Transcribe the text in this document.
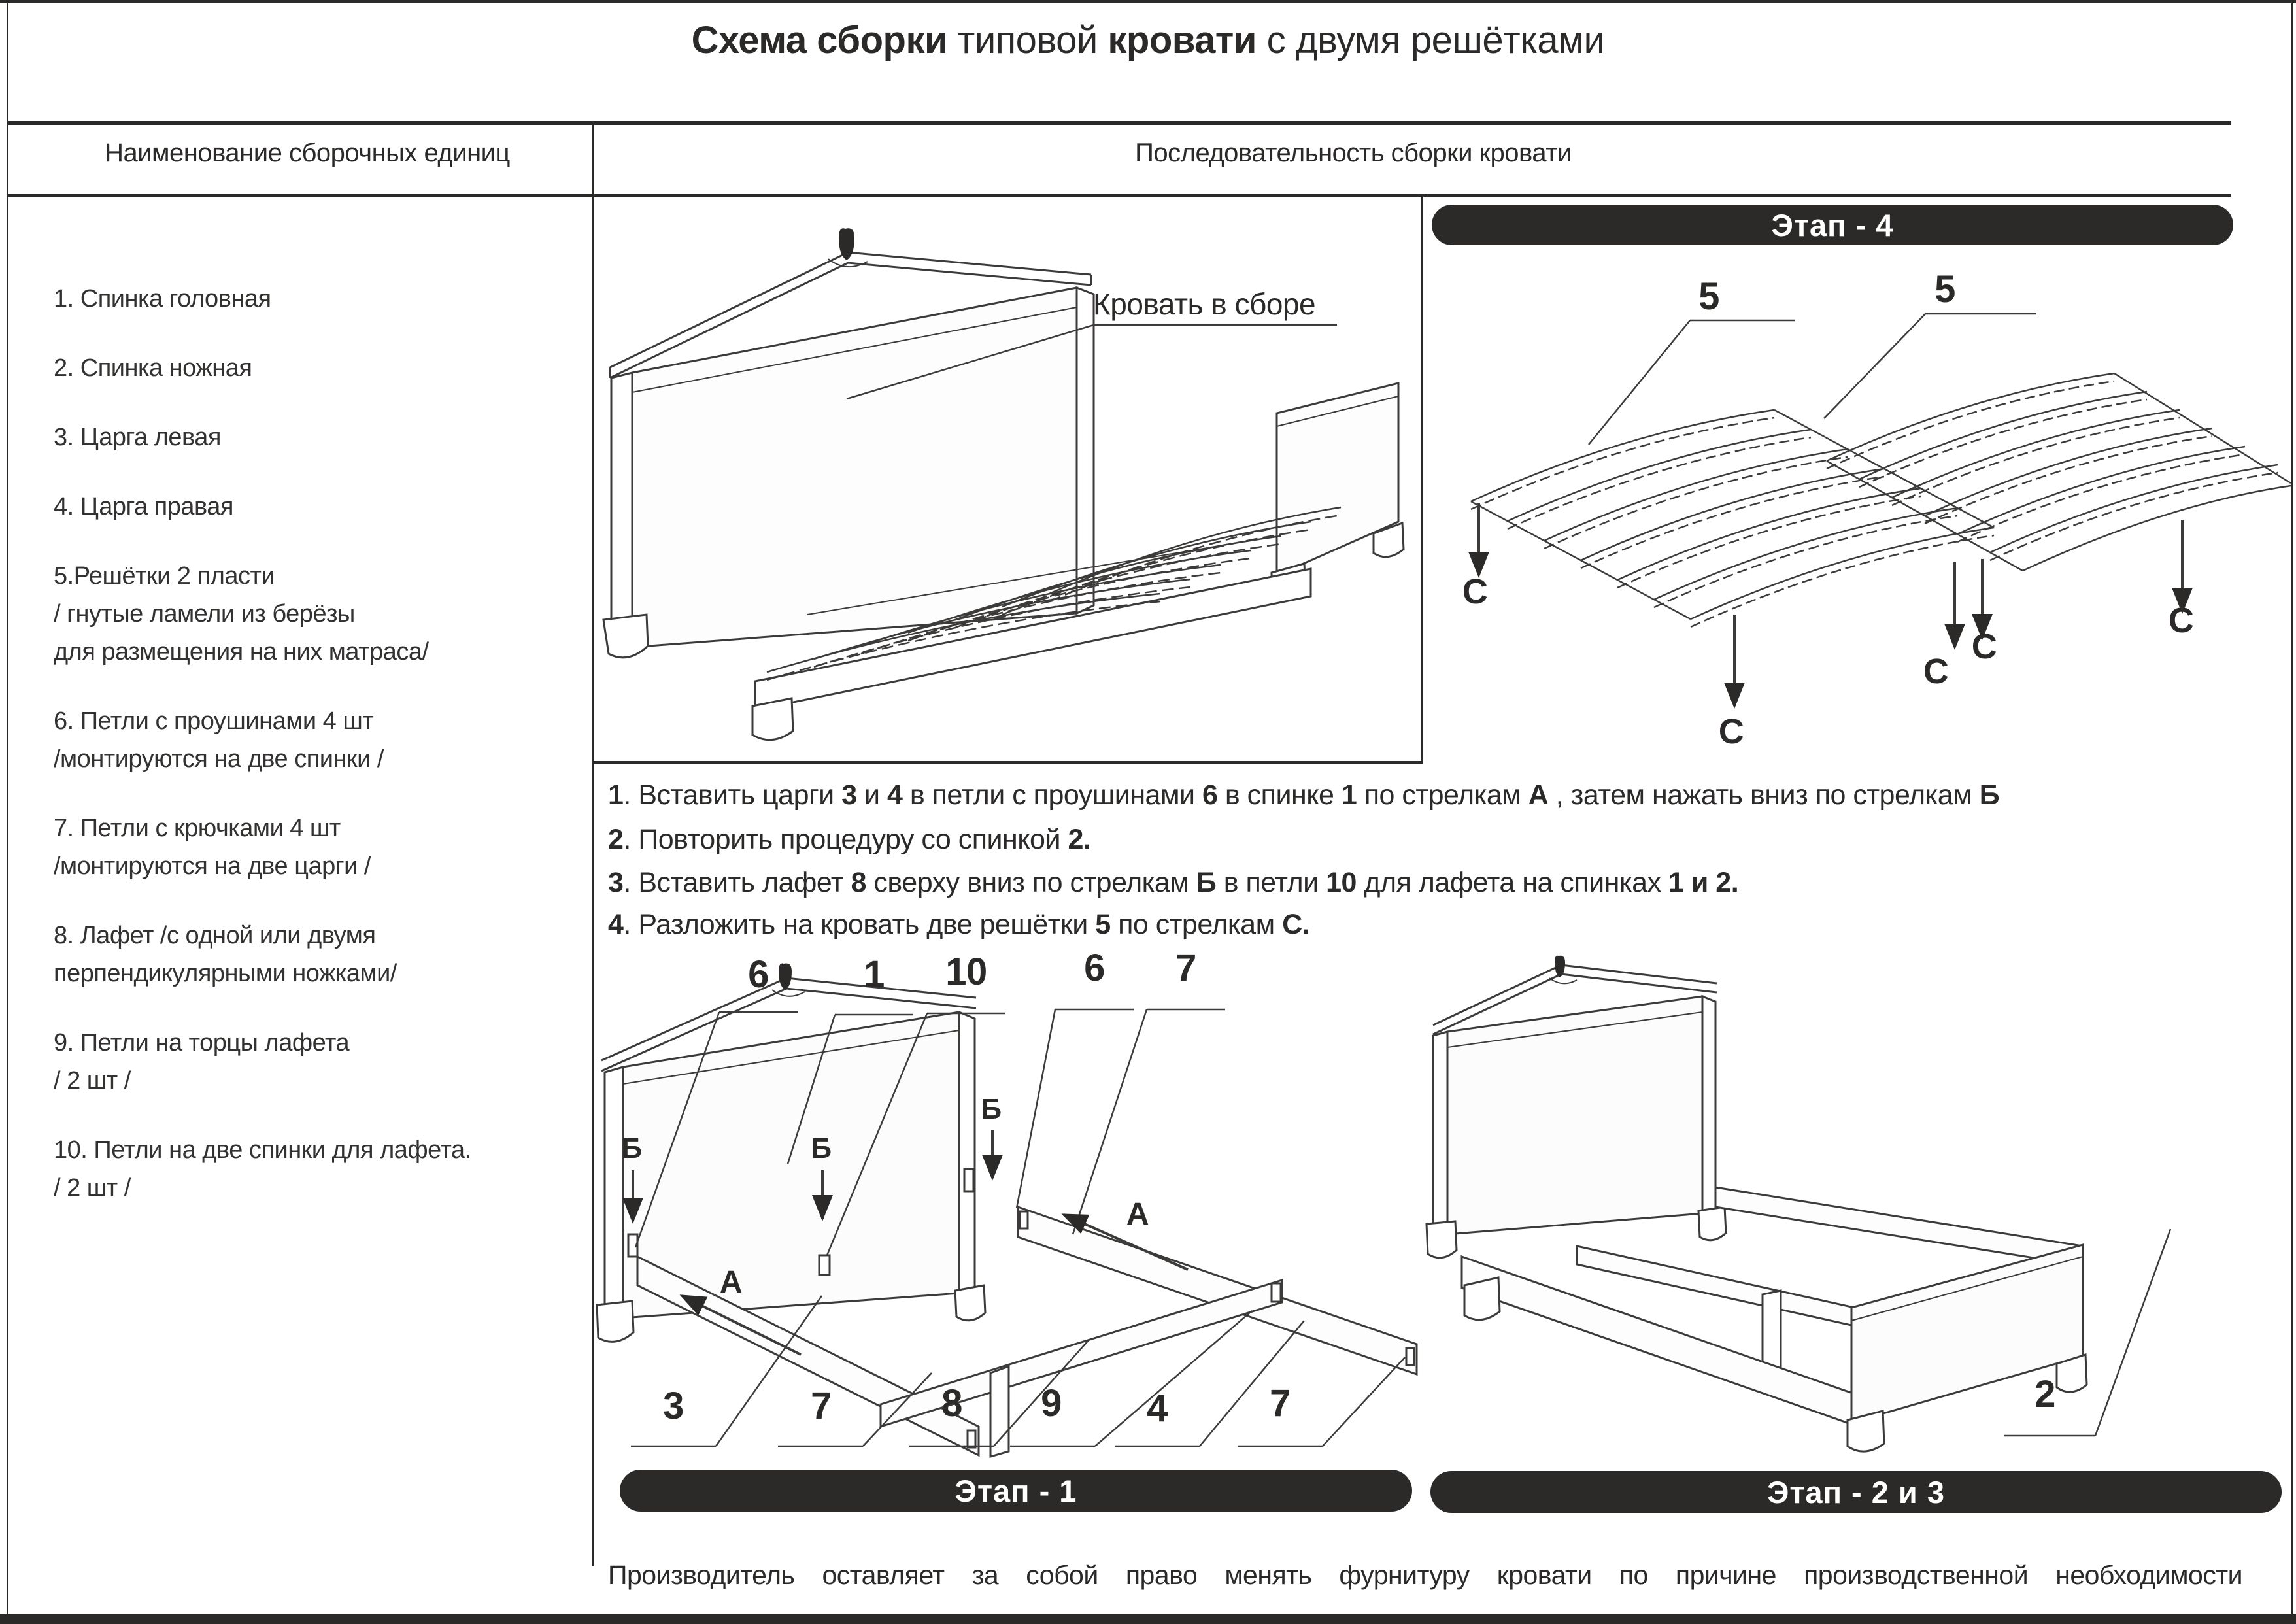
Схема сборки типовой кровати с двумя решётками
Наименование сборочных единиц	Последовательность сборки кровати
1. Спинка головная
2. Спинка ножная
3. Царга левая
4. Царга правая
5.Решётки 2 пласти
/ гнутые ламели из берёзы
для размещения на них матраса/
6. Петли с проушинами 4 шт
/монтируются на две спинки /
7. Петли с крючками 4 шт
/монтируются на две царги /
8. Лафет /с одной или двумя
перпендикулярными ножками/
9. Петли на торцы лафета
/ 2 шт /
10. Петли на две спинки для лафета.
/ 2 шт /
Кровать в сборе
Этап - 4
5	5
С
С
С
С
С
1. Вставить царги 3 и 4 в петли с проушинами 6 в спинке 1 по стрелкам А , затем нажать вниз по стрелкам Б
2. Повторить процедуру со спинкой 2.
3. Вставить лафет 8 сверху вниз по стрелкам Б в петли 10 для лафета на спинках 1 и 2.
4. Разложить на кровать две решётки 5 по стрелкам С.
6	1 10	6 7
Б	Б
Б
А
А
3	7	8 9 4	7
Этап - 1
2
Этап - 2 и 3
Производитель оставляет за собой право менять фурнитуру кровати по причине производственной необходимости
